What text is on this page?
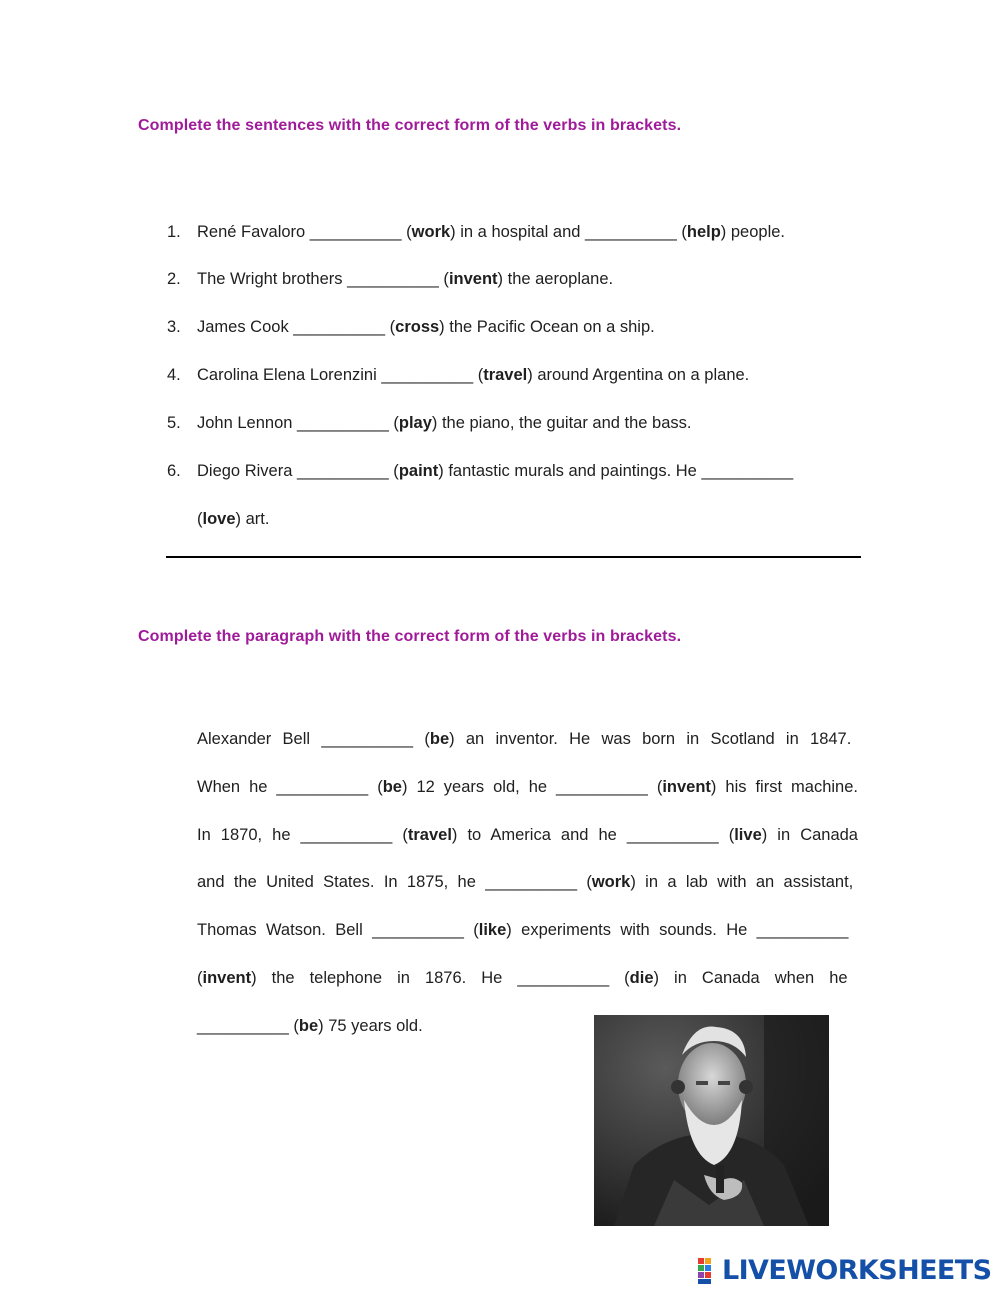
Complete the sentences with the correct form of the verbs in brackets.

1. René Favaloro __________ (work) in a hospital and __________ (help) people.
2. The Wright brothers __________ (invent) the aeroplane.
3. James Cook __________ (cross) the Pacific Ocean on a ship.
4. Carolina Elena Lorenzini __________ (travel) around Argentina on a plane.
5. John Lennon __________ (play) the piano, the guitar and the bass.
6. Diego Rivera __________ (paint) fantastic murals and paintings. He __________
(love) art.

Complete the paragraph with the correct form of the verbs in brackets.

Alexander Bell __________ (be) an inventor. He was born in Scotland in 1847.
When he __________ (be) 12 years old, he __________ (invent) his first machine.
In 1870, he __________ (travel) to America and he __________ (live) in Canada
and the United States. In 1875, he __________ (work) in a lab with an assistant,
Thomas Watson. Bell __________ (like) experiments with sounds. He __________
(invent) the telephone in 1876. He __________ (die) in Canada when he
__________ (be) 75 years old.
LIVEWORKSHEETS
